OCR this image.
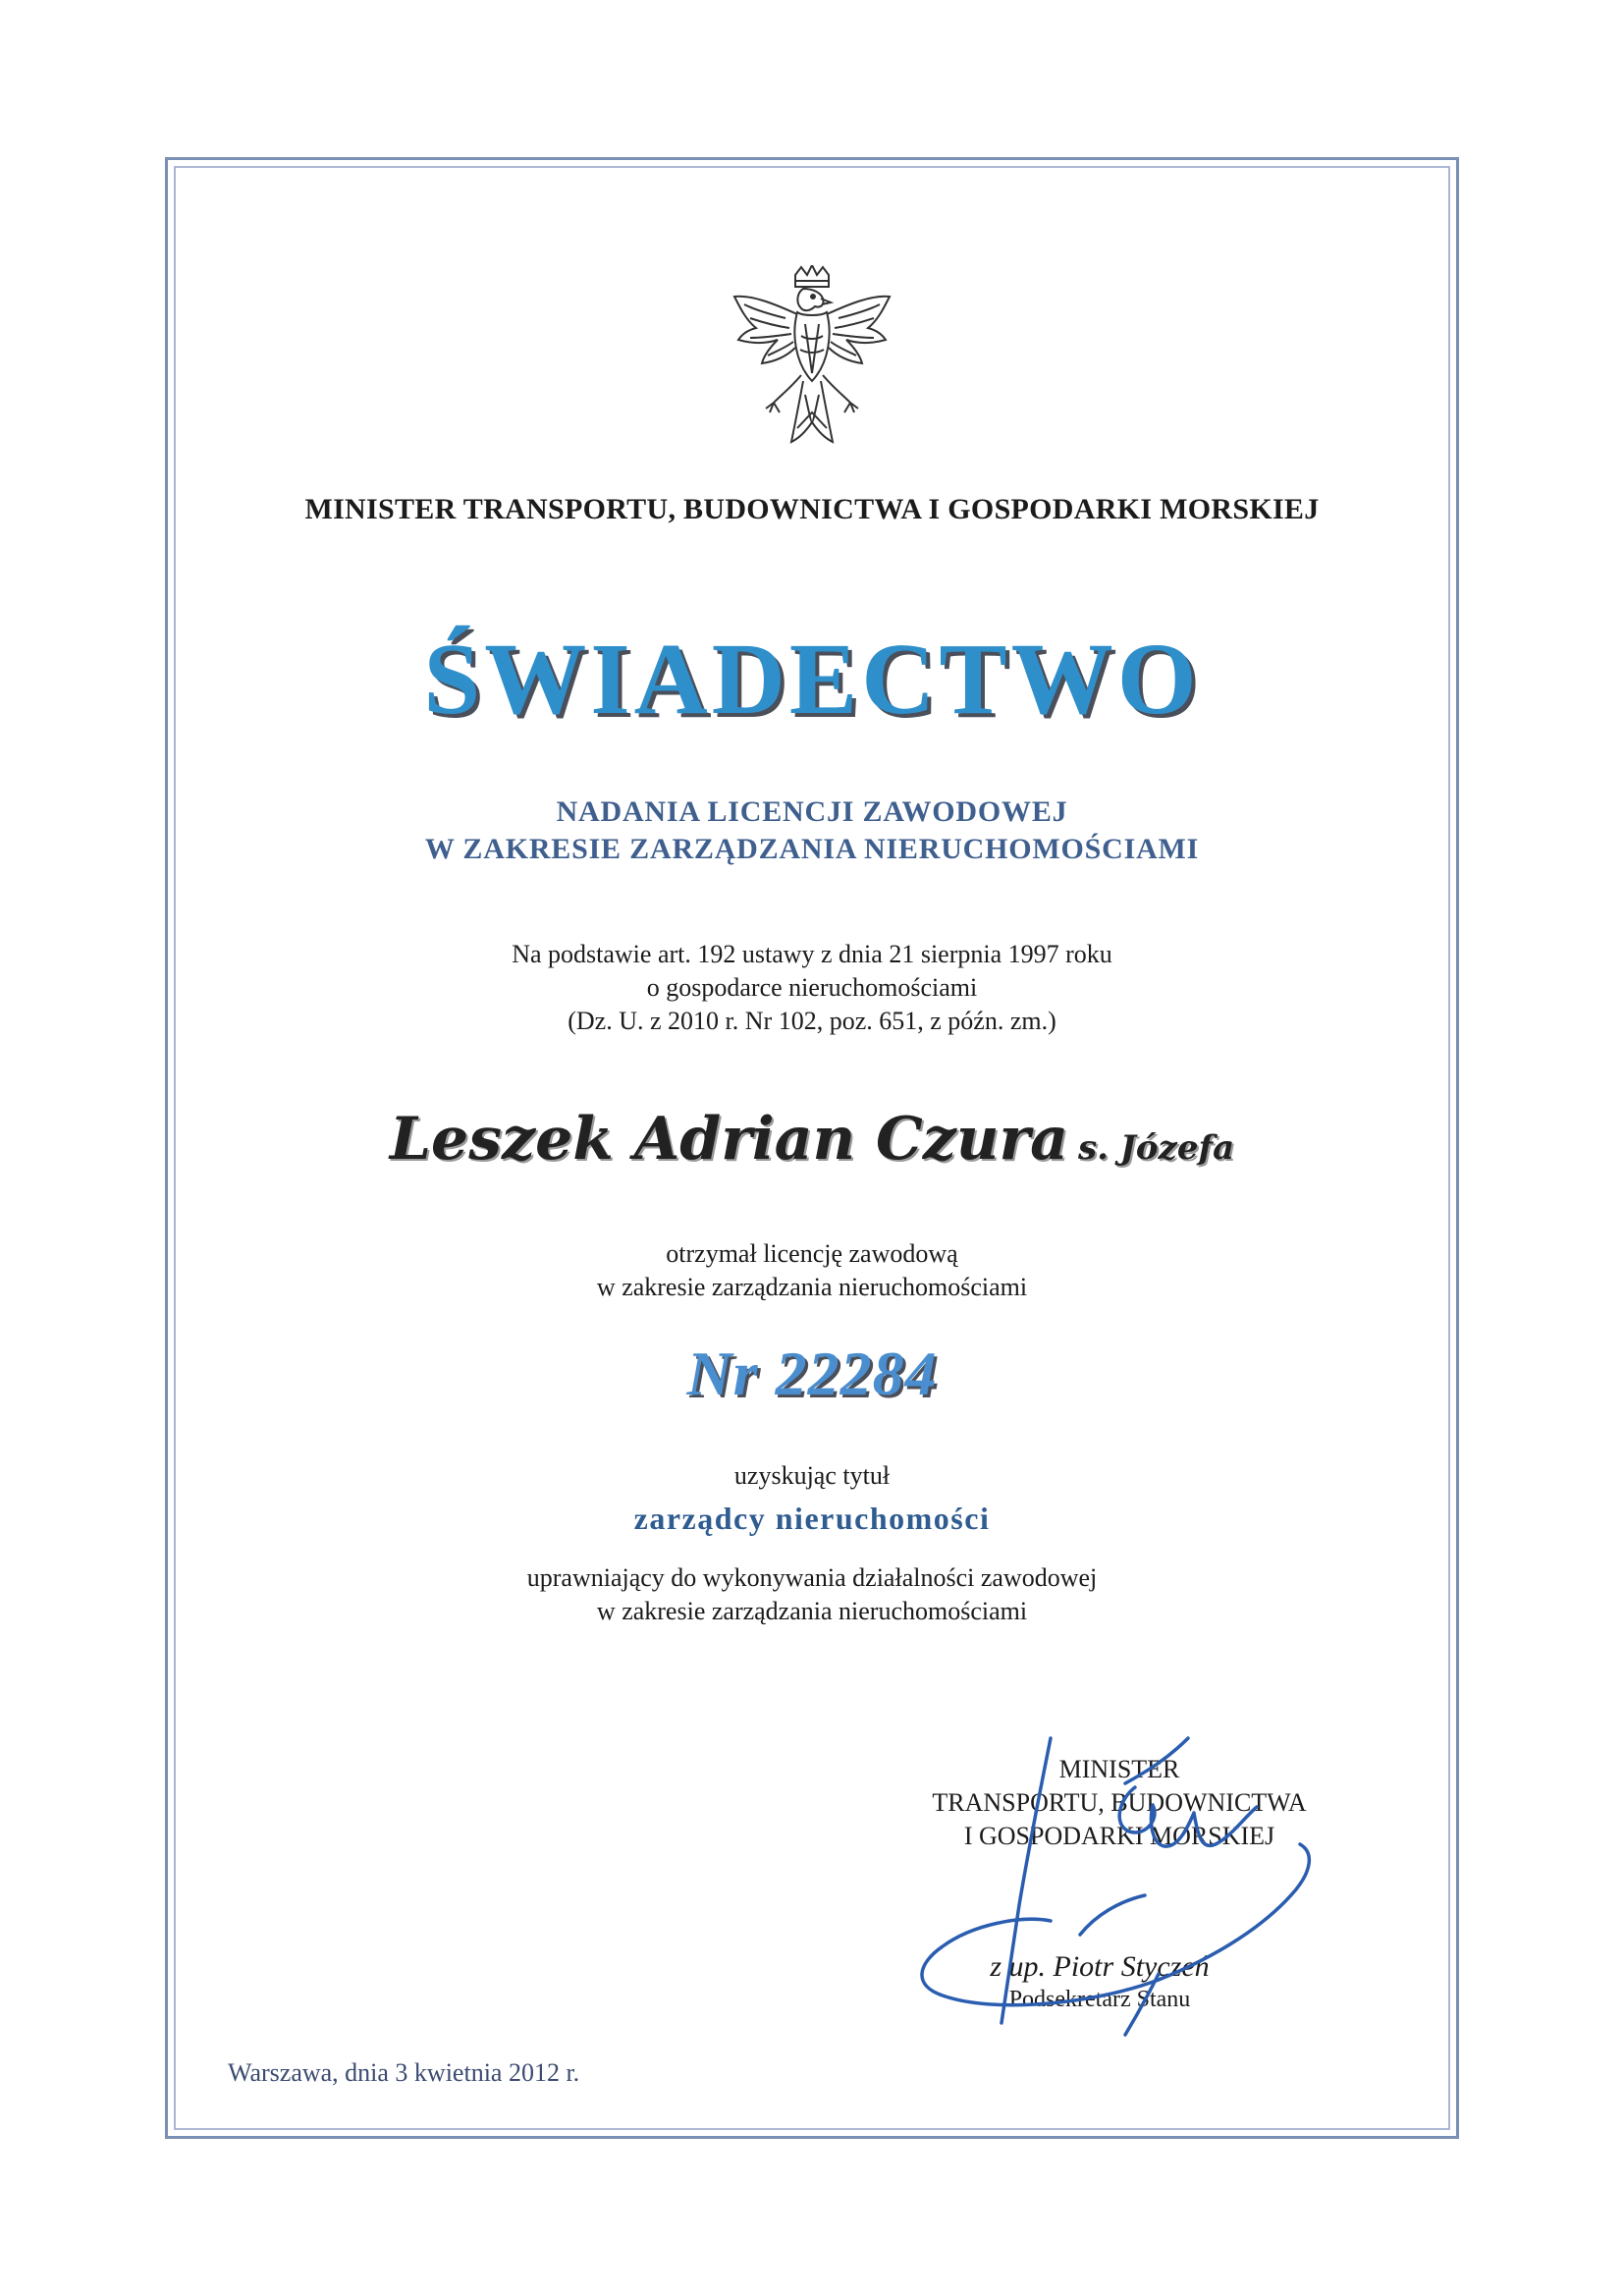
MINISTER TRANSPORTU, BUDOWNICTWA I GOSPODARKI MORSKIEJ
ŚWIADECTWO
NADANIA LICENCJI ZAWODOWEJ
W ZAKRESIE ZARZĄDZANIA NIERUCHOMOŚCIAMI
Na podstawie art. 192 ustawy z dnia 21 sierpnia 1997 roku
o gospodarce nieruchomościami
(Dz. U. z 2010 r. Nr 102, poz. 651, z późn. zm.)
Leszek Adrian Czura s. Józefa
otrzymał licencję zawodową
w zakresie zarządzania nieruchomościami
Nr 22284
uzyskując tytuł
zarządcy nieruchomości
uprawniający do wykonywania działalności zawodowej
w zakresie zarządzania nieruchomościami
MINISTER
TRANSPORTU, BUDOWNICTWA
I GOSPODARKI MORSKIEJ
z up. Piotr Styczeń
Podsekretarz Stanu
Warszawa, dnia 3 kwietnia 2012 r.
